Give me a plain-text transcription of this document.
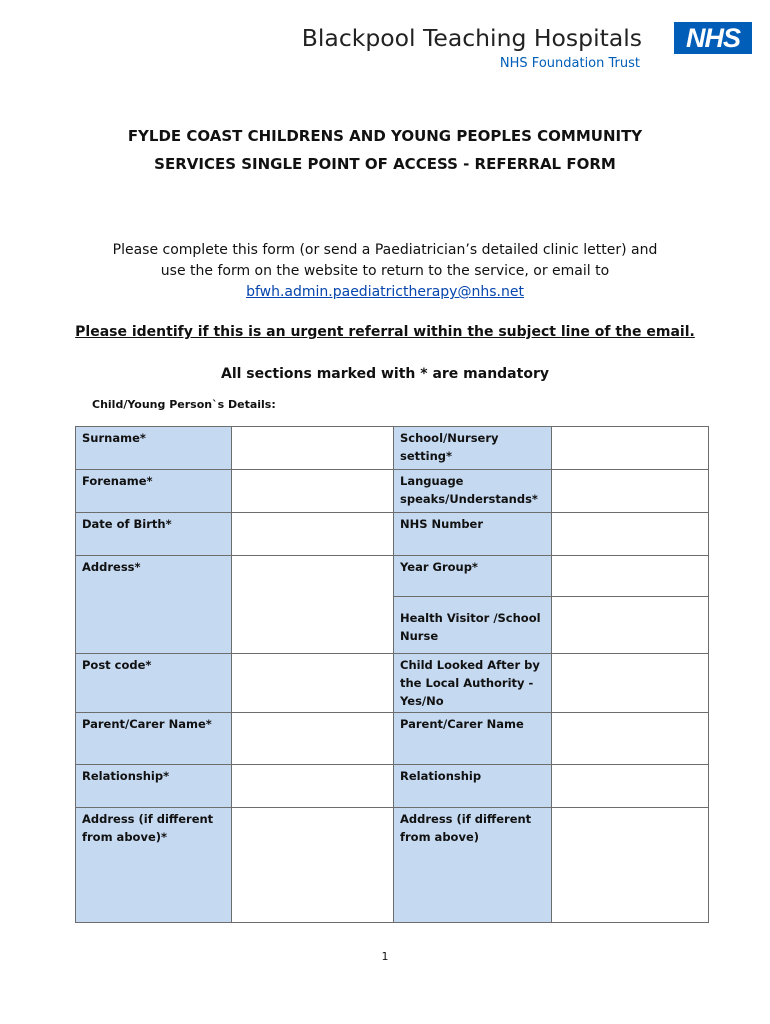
Blackpool Teaching Hospitals
NHS Foundation Trust
NHS
FYLDE COAST CHILDRENS AND YOUNG PEOPLES COMMUNITY
SERVICES SINGLE POINT OF ACCESS - REFERRAL FORM
Please complete this form (or send a Paediatrician’s detailed clinic letter) and
use the form on the website to return to the service, or email to
bfwh.admin.paediatrictherapy@nhs.net
Please identify if this is an urgent referral within the subject line of the email.
All sections marked with * are mandatory
Child/Young Person`s Details:
Surname*		School/Nursery setting*	
Forename*		Language speaks/Understands*	
Date of Birth*		NHS Number	
Address*		Year Group*	
		Health Visitor /School Nurse	
Post code*		Child Looked After by the Local Authority - Yes/No	
Parent/Carer Name*		Parent/Carer Name	
Relationship*		Relationship	
Address (if different from above)*		Address (if different from above)	
1
